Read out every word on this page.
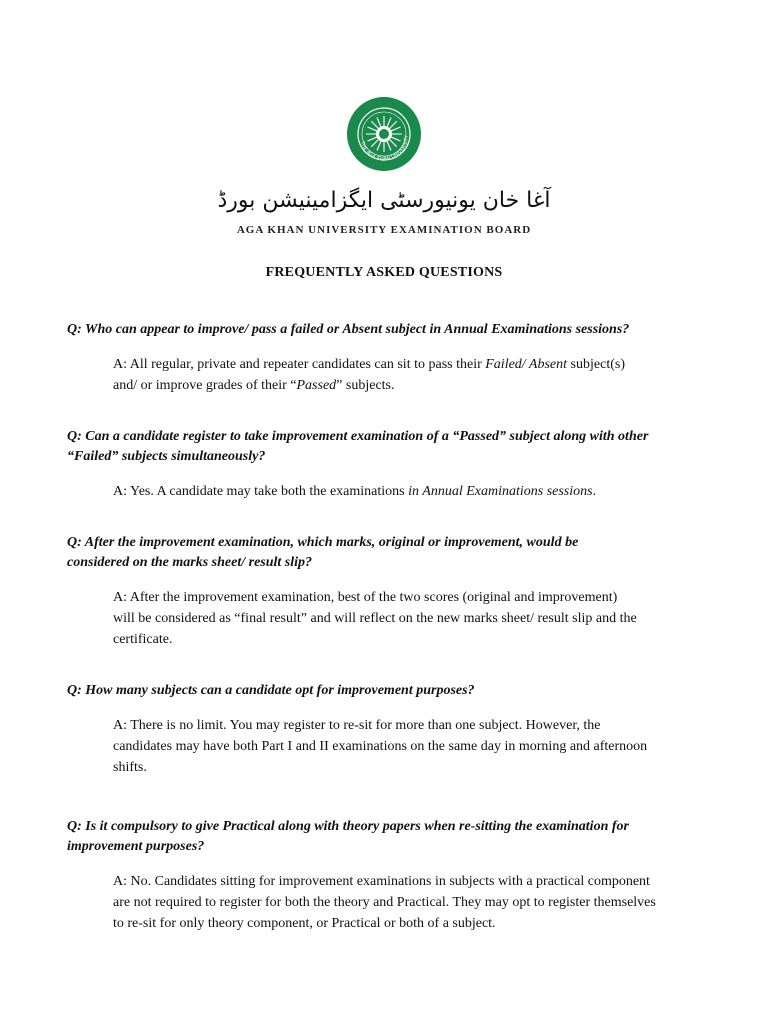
THE AGA KHAN UNIVERSITY
آغا خان یونیورسٹی ایگزامینیشن بورڈ
AGA KHAN UNIVERSITY EXAMINATION BOARD
FREQUENTLY ASKED QUESTIONS

Q: Who can appear to improve/ pass a failed or Absent subject in Annual Examinations sessions?

A: All regular, private and repeater candidates can sit to pass their Failed/ Absent subject(s)
and/ or improve grades of their “Passed” subjects.

Q: Can a candidate register to take improvement examination of a “Passed” subject along with other
“Failed” subjects simultaneously?

A: Yes. A candidate may take both the examinations in Annual Examinations sessions.

Q: After the improvement examination, which marks, original or improvement, would be
considered on the marks sheet/ result slip?

A: After the improvement examination, best of the two scores (original and improvement)
will be considered as “final result” and will reflect on the new marks sheet/ result slip and the
certificate.

Q: How many subjects can a candidate opt for improvement purposes?

A: There is no limit. You may register to re-sit for more than one subject. However, the
candidates may have both Part I and II examinations on the same day in morning and afternoon
shifts.

Q: Is it compulsory to give Practical along with theory papers when re-sitting the examination for
improvement purposes?

A: No. Candidates sitting for improvement examinations in subjects with a practical component
are not required to register for both the theory and Practical. They may opt to register themselves
to re-sit for only theory component, or Practical or both of a subject.
